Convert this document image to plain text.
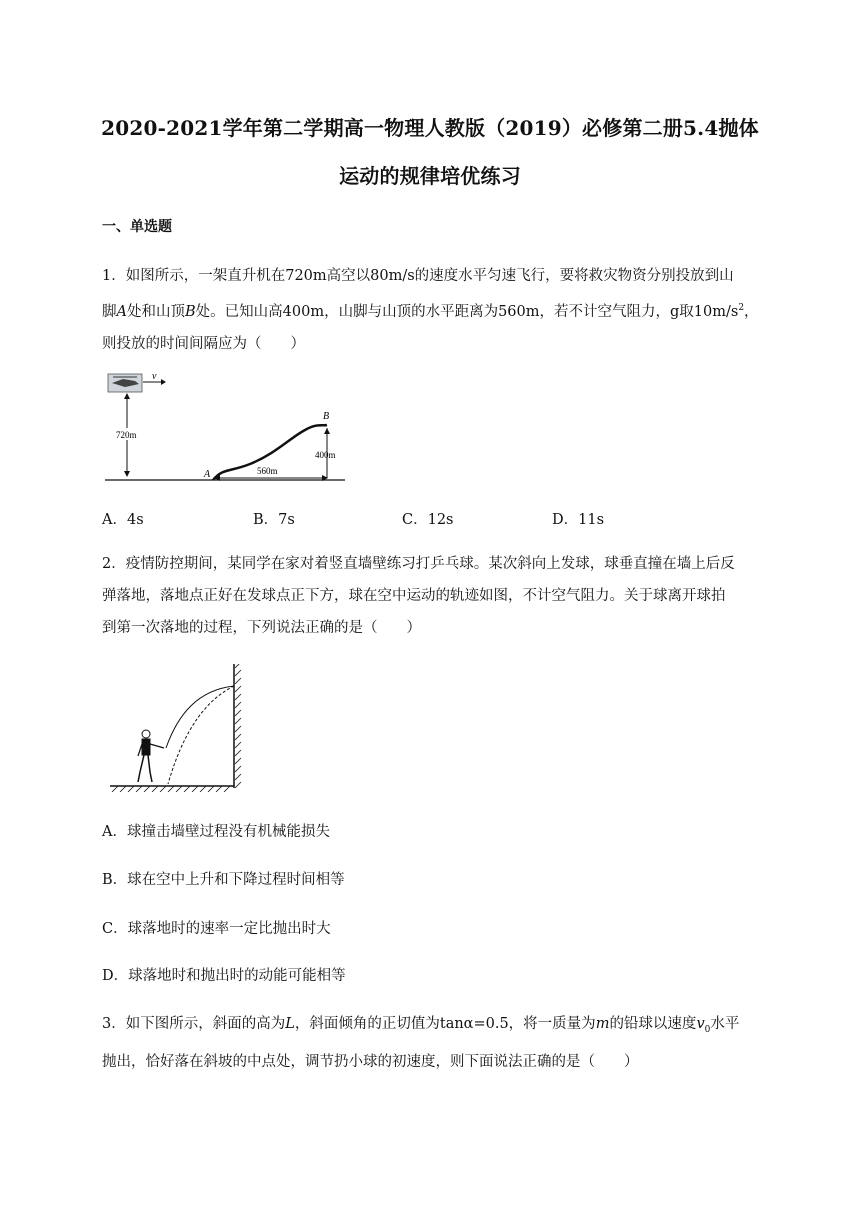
2020-2021学年第二学期高一物理人教版（2019）必修第二册5.4抛体
运动的规律培优练习
一、单选题

1．如图所示，一架直升机在720m高空以80m/s的速度水平匀速飞行，要将救灾物资分别投放到山

脚A处和山顶B处。已知山高400m，山脚与山顶的水平距离为560m，若不计空气阻力，g取$10m/s^2$，

则投放的时间间隔应为（　　）

v
720m
B
A
400m
560m
A．4s	B．7s	C．12s	D．11s

2．疫情防控期间，某同学在家对着竖直墙壁练习打乒乓球。某次斜向上发球，球垂直撞在墙上后反

弹落地，落地点正好在发球点正下方，球在空中运动的轨迹如图，不计空气阻力。关于球离开球拍

到第一次落地的过程，下列说法正确的是（　　）

A．球撞击墙壁过程没有机械能损失
B．球在空中上升和下降过程时间相等
C．球落地时的速率一定比抛出时大
D．球落地时和抛出时的动能可能相等

3．如下图所示，斜面的高为L，斜面倾角的正切值为tanα=0.5，将一质量为m的铅球以速度$v_0$水平

抛出，恰好落在斜坡的中点处，调节扔小球的初速度，则下面说法正确的是（　　）
